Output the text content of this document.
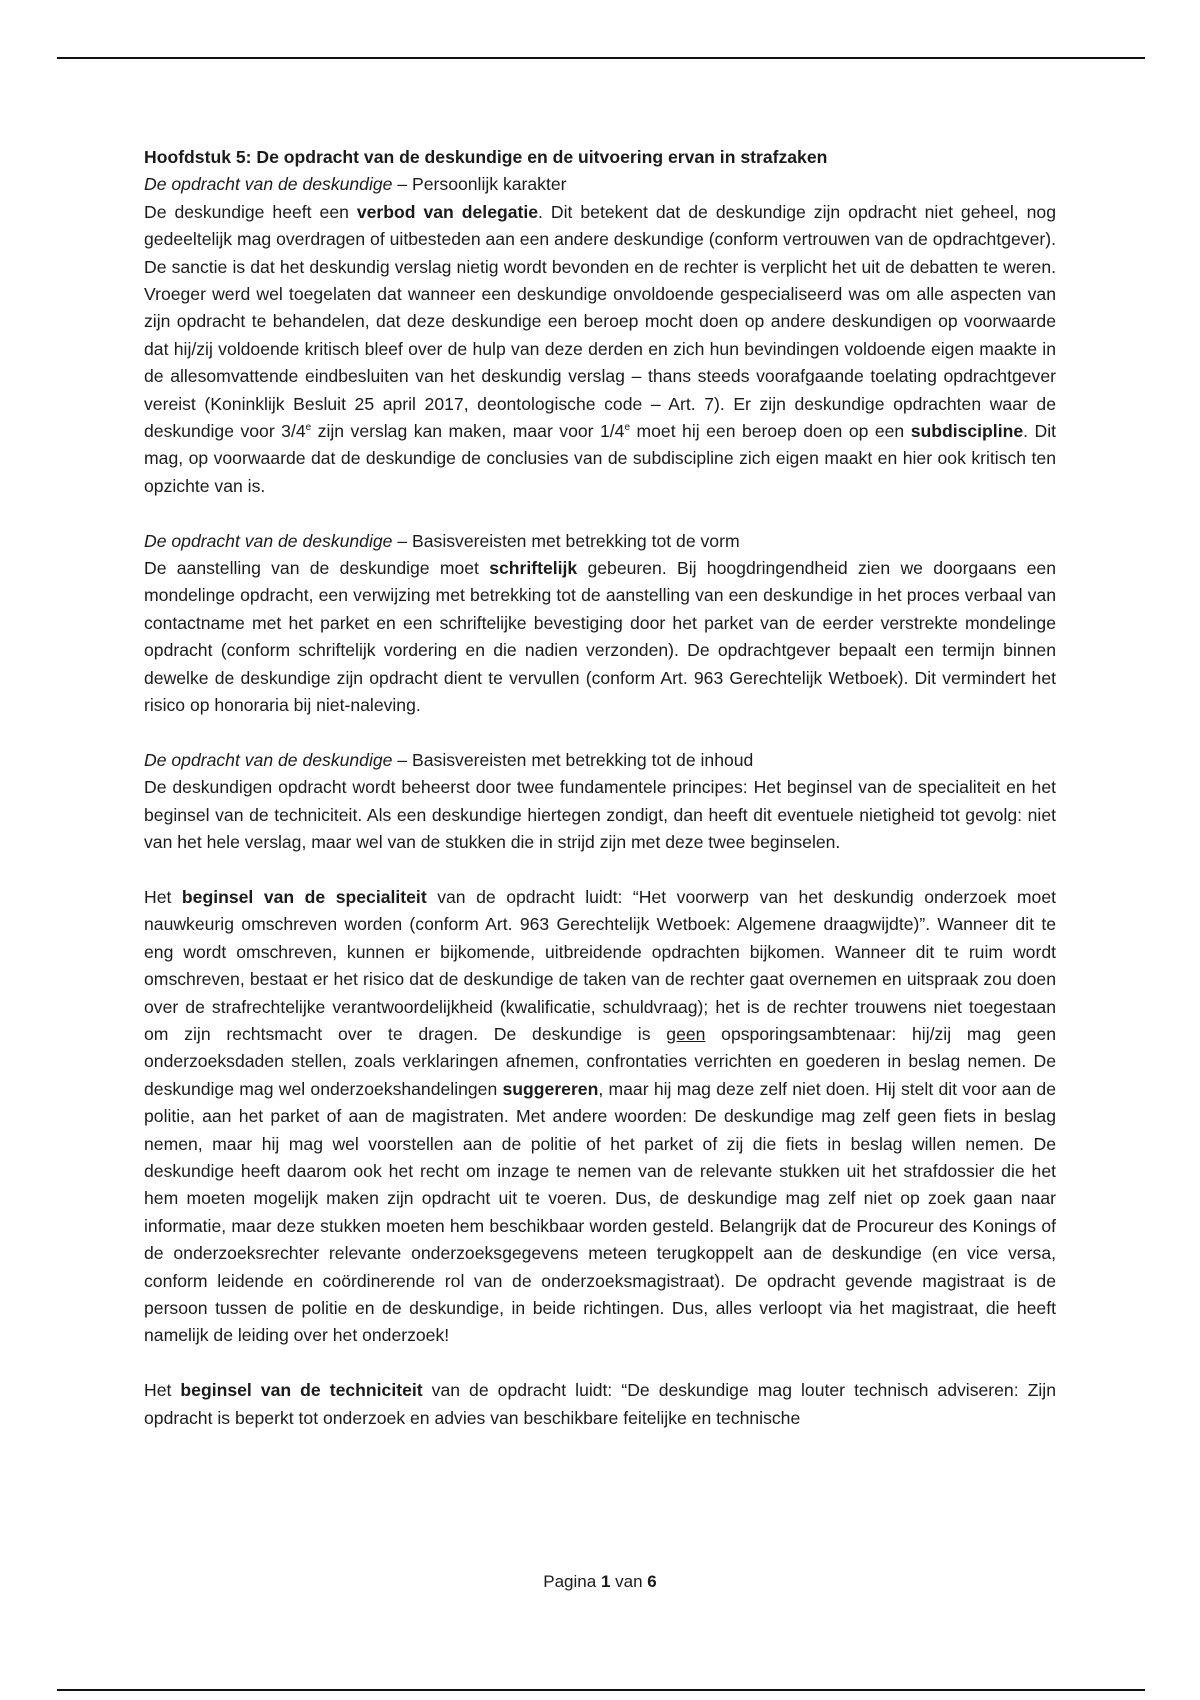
Hoofdstuk 5: De opdracht van de deskundige en de uitvoering ervan in strafzaken

De opdracht van de deskundige – Persoonlijk karakter

De deskundige heeft een verbod van delegatie. Dit betekent dat de deskundige zijn opdracht niet geheel, nog gedeeltelijk mag overdragen of uitbesteden aan een andere deskundige (conform vertrouwen van de opdrachtgever). De sanctie is dat het deskundig verslag nietig wordt bevonden en de rechter is verplicht het uit de debatten te weren. Vroeger werd wel toegelaten dat wanneer een deskundige onvoldoende gespecialiseerd was om alle aspecten van zijn opdracht te behandelen, dat deze deskundige een beroep mocht doen op andere deskundigen op voorwaarde dat hij/zij voldoende kritisch bleef over de hulp van deze derden en zich hun bevindingen voldoende eigen maakte in de allesomvattende eindbesluiten van het deskundig verslag – thans steeds voorafgaande toelating opdrachtgever vereist (Koninklijk Besluit 25 april 2017, deontologische code – Art. 7). Er zijn deskundige opdrachten waar de deskundige voor 3/4e zijn verslag kan maken, maar voor 1/4e moet hij een beroep doen op een subdiscipline. Dit mag, op voorwaarde dat de deskundige de conclusies van de subdiscipline zich eigen maakt en hier ook kritisch ten opzichte van is.

De opdracht van de deskundige – Basisvereisten met betrekking tot de vorm

De aanstelling van de deskundige moet schriftelijk gebeuren. Bij hoogdringendheid zien we doorgaans een mondelinge opdracht, een verwijzing met betrekking tot de aanstelling van een deskundige in het proces verbaal van contactname met het parket en een schriftelijke bevestiging door het parket van de eerder verstrekte mondelinge opdracht (conform schriftelijk vordering en die nadien verzonden). De opdrachtgever bepaalt een termijn binnen dewelke de deskundige zijn opdracht dient te vervullen (conform Art. 963 Gerechtelijk Wetboek). Dit vermindert het risico op honoraria bij niet-naleving.

De opdracht van de deskundige – Basisvereisten met betrekking tot de inhoud

De deskundigen opdracht wordt beheerst door twee fundamentele principes: Het beginsel van de specialiteit en het beginsel van de techniciteit. Als een deskundige hiertegen zondigt, dan heeft dit eventuele nietigheid tot gevolg: niet van het hele verslag, maar wel van de stukken die in strijd zijn met deze twee beginselen.

Het beginsel van de specialiteit van de opdracht luidt: “Het voorwerp van het deskundig onderzoek moet nauwkeurig omschreven worden (conform Art. 963 Gerechtelijk Wetboek: Algemene draagwijdte)”. Wanneer dit te eng wordt omschreven, kunnen er bijkomende, uitbreidende opdrachten bijkomen. Wanneer dit te ruim wordt omschreven, bestaat er het risico dat de deskundige de taken van de rechter gaat overnemen en uitspraak zou doen over de strafrechtelijke verantwoordelijkheid (kwalificatie, schuldvraag); het is de rechter trouwens niet toegestaan om zijn rechtsmacht over te dragen. De deskundige is geen opsporingsambtenaar: hij/zij mag geen onderzoeksdaden stellen, zoals verklaringen afnemen, confrontaties verrichten en goederen in beslag nemen. De deskundige mag wel onderzoekshandelingen suggereren, maar hij mag deze zelf niet doen. Hij stelt dit voor aan de politie, aan het parket of aan de magistraten. Met andere woorden: De deskundige mag zelf geen fiets in beslag nemen, maar hij mag wel voorstellen aan de politie of het parket of zij die fiets in beslag willen nemen. De deskundige heeft daarom ook het recht om inzage te nemen van de relevante stukken uit het strafdossier die het hem moeten mogelijk maken zijn opdracht uit te voeren. Dus, de deskundige mag zelf niet op zoek gaan naar informatie, maar deze stukken moeten hem beschikbaar worden gesteld. Belangrijk dat de Procureur des Konings of de onderzoeksrechter relevante onderzoeksgegevens meteen terugkoppelt aan de deskundige (en vice versa, conform leidende en coördinerende rol van de onderzoeksmagistraat). De opdracht gevende magistraat is de persoon tussen de politie en de deskundige, in beide richtingen. Dus, alles verloopt via het magistraat, die heeft namelijk de leiding over het onderzoek!

Het beginsel van de techniciteit van de opdracht luidt: “De deskundige mag louter technisch adviseren: Zijn opdracht is beperkt tot onderzoek en advies van beschikbare feitelijke en technische

Pagina 1 van 6
